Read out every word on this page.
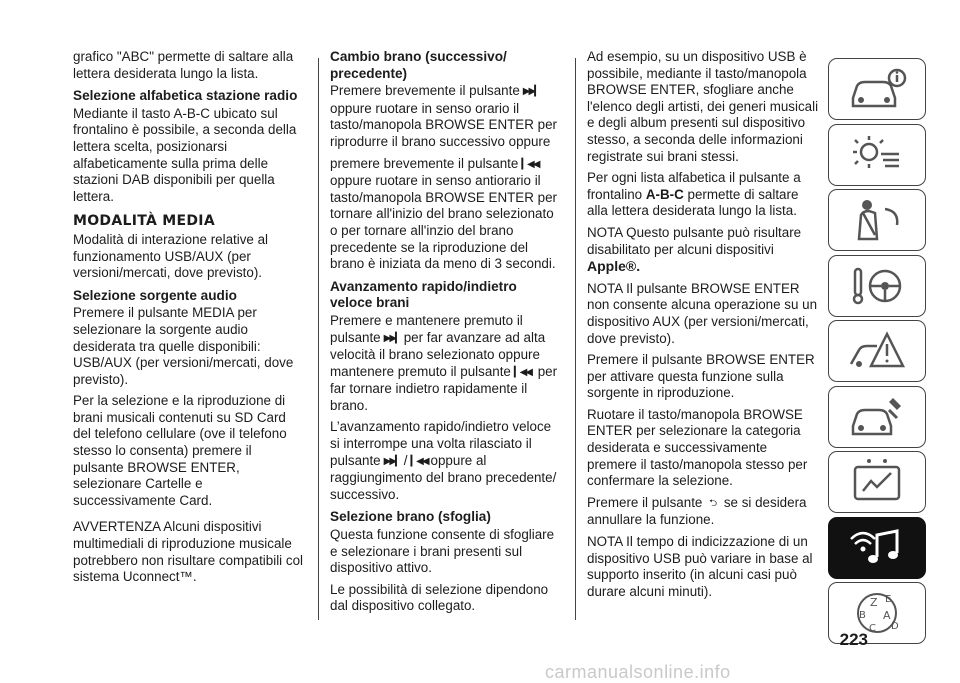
grafico "ABC" permette di saltare alla lettera desiderata lungo la lista.

Selezione alfabetica stazione radio

Mediante il tasto A-B-C ubicato sul frontalino è possibile, a seconda della lettera scelta, posizionarsi alfabeticamente sulla prima delle stazioni DAB disponibili per quella lettera.

MODALITÀ MEDIA

Modalità di interazione relative al funzionamento USB/AUX (per versioni/mercati, dove previsto).

Selezione sorgente audio

Premere il pulsante MEDIA per selezionare la sorgente audio desiderata tra quelle disponibili: USB/AUX (per versioni/mercati, dove previsto).

Per la selezione e la riproduzione di brani musicali contenuti su SD Card del telefono cellulare (ove il telefono stesso lo consenta) premere il pulsante BROWSE ENTER, selezionare Cartelle e successivamente Card.

AVVERTENZA Alcuni dispositivi multimediali di riproduzione musicale potrebbero non risultare compatibili col sistema Uconnect™.

Cambio brano (successivo/ precedente)

Premere brevemente il pulsante ▶▶▎ oppure ruotare in senso orario il tasto/manopola BROWSE ENTER per riprodurre il brano successivo oppure

premere brevemente il pulsante ▎◀◀ oppure ruotare in senso antiorario il tasto/manopola BROWSE ENTER per tornare all'inizio del brano selezionato o per tornare all'inzio del brano precedente se la riproduzione del brano è iniziata da meno di 3 secondi.

Avanzamento rapido/indietro veloce brani

Premere e mantenere premuto il pulsante ▶▶▎ per far avanzare ad alta velocità il brano selezionato oppure mantenere premuto il pulsante ▎◀◀ per far tornare indietro rapidamente il brano.

L’avanzamento rapido/indietro veloce si interrompe una volta rilasciato il pulsante ▶▶▎ / ▎◀◀ oppure al raggiungimento del brano precedente/ successivo.

Selezione brano (sfoglia)

Questa funzione consente di sfogliare e selezionare i brani presenti sul dispositivo attivo.

Le possibilità di selezione dipendono dal dispositivo collegato.

Ad esempio, su un dispositivo USB è possibile, mediante il tasto/manopola BROWSE ENTER, sfogliare anche l'elenco degli artisti, dei generi musicali e degli album presenti sul dispositivo stesso, a seconda delle informazioni registrate sui brani stessi.

Per ogni lista alfabetica il pulsante a frontalino A-B-C permette di saltare alla lettera desiderata lungo la lista.

NOTA Questo pulsante può risultare disabilitato per alcuni dispositivi
Apple®.

NOTA Il pulsante BROWSE ENTER non consente alcuna operazione su un dispositivo AUX (per versioni/mercati, dove previsto).

Premere il pulsante BROWSE ENTER per attivare questa funzione sulla sorgente in riproduzione.

Ruotare il tasto/manopola BROWSE ENTER per selezionare la categoria desiderata e successivamente premere il tasto/manopola stesso per confermare la selezione.

Premere il pulsante ⮌ se si desidera annullare la funzione.

NOTA Il tempo di indicizzazione di un dispositivo USB può variare in base al supporto inserito (in alcuni casi può durare alcuni minuti).

Z E
B A
C D
223
carmanualsonline.info
